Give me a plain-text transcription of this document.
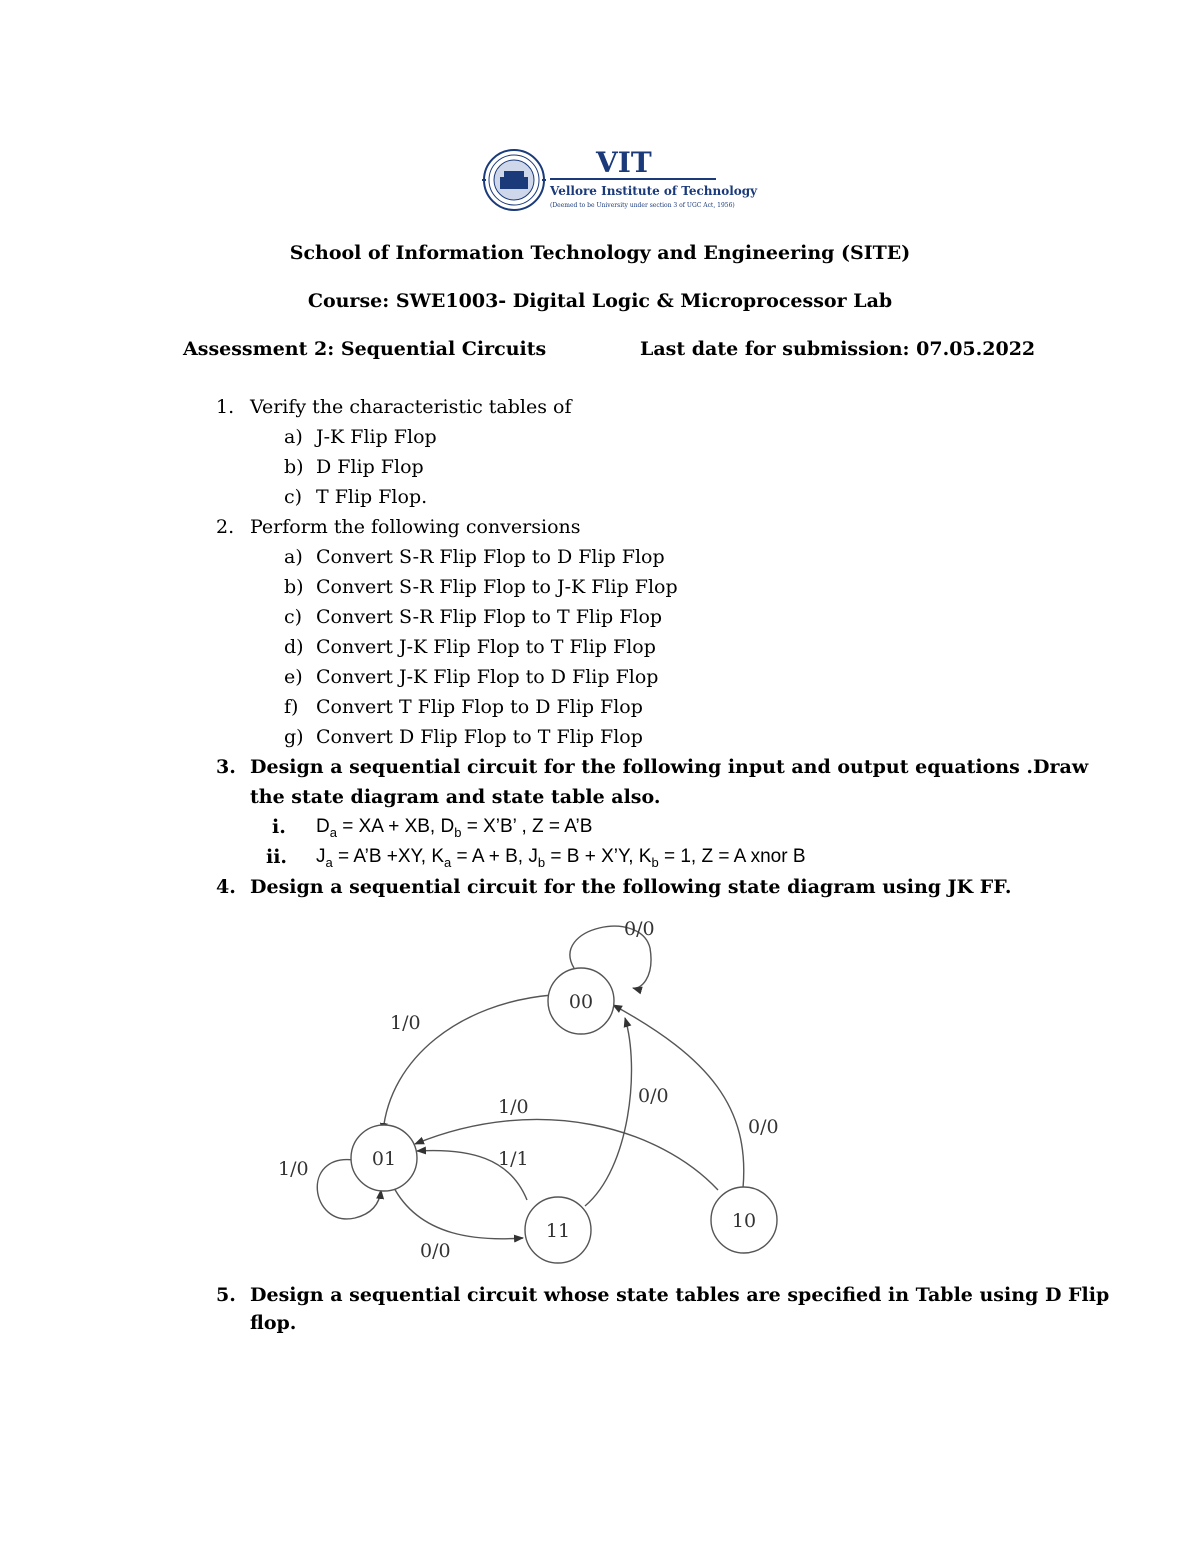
VIT
Vellore Institute of Technology
(Deemed to be University under section 3 of UGC Act, 1956)
School of Information Technology and Engineering (SITE)
Course: SWE1003- Digital Logic & Microprocessor Lab
Assessment 2: Sequential Circuits	Last date for submission: 07.05.2022
1. Verify the characteristic tables of
a) J-K Flip Flop
b) D Flip Flop
c) T Flip Flop.
2. Perform the following conversions
a) Convert S-R Flip Flop to D Flip Flop
b) Convert S-R Flip Flop to J-K Flip Flop
c) Convert S-R Flip Flop to T Flip Flop
d) Convert J-K Flip Flop to T Flip Flop
e) Convert J-K Flip Flop to D Flip Flop
f) Convert T Flip Flop to D Flip Flop
g) Convert D Flip Flop to T Flip Flop
3. Design a sequential circuit for the following input and output equations .Draw
the state diagram and state table also.
i. $D_a$ = XA + XB, $D_b$ = X’B’ , Z = A’B
ii. $J_a$ = A’B +XY, $K_a = A + B$, $J_b = B$ + X’Y, $K_b = 1$, Z = A xnor B
4. Design a sequential circuit for the following state diagram using JK FF.
00
01
11	10
0/0
1/0
1/0
1/0
1/1
0/0
0/0
0/0
5. Design a sequential circuit whose state tables are specified in Table using D Flip
flop.
